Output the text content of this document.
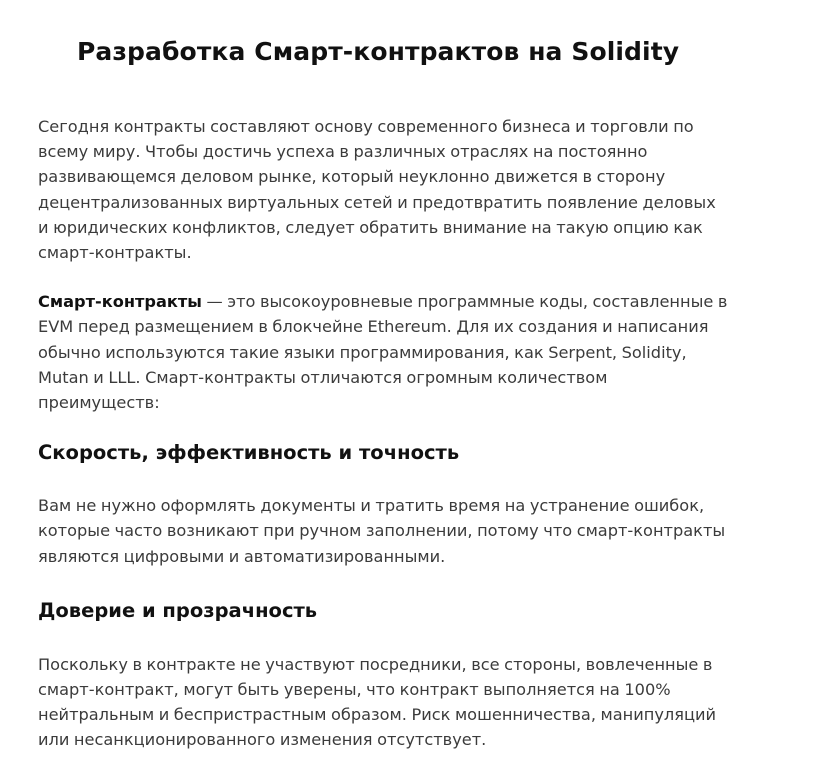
Разработка Смарт-контрактов на Solidity

Сегодня контракты составляют основу современного бизнеса и торговли по всему миру. Чтобы достичь успеха в различных отраслях на постоянно развивающемся деловом рынке, который неуклонно движется в сторону децентрализованных виртуальных сетей и предотвратить появление деловых и юридических конфликтов, следует обратить внимание на такую опцию как смарт-контракты.

Смарт-контракты — это высокоуровневые программные коды, составленные в EVM перед размещением в блокчейне Ethereum. Для их создания и написания обычно используются такие языки программирования, как Serpent, Solidity, Mutan и LLL. Смарт-контракты отличаются огромным количеством преимуществ:

Скорость, эффективность и точность

Вам не нужно оформлять документы и тратить время на устранение ошибок, которые часто возникают при ручном заполнении, потому что смарт-контракты являются цифровыми и автоматизированными.

Доверие и прозрачность

Поскольку в контракте не участвуют посредники, все стороны, вовлеченные в смарт-контракт, могут быть уверены, что контракт выполняется на 100% нейтральным и беспристрастным образом. Риск мошенничества, манипуляций или несанкционированного изменения отсутствует.
